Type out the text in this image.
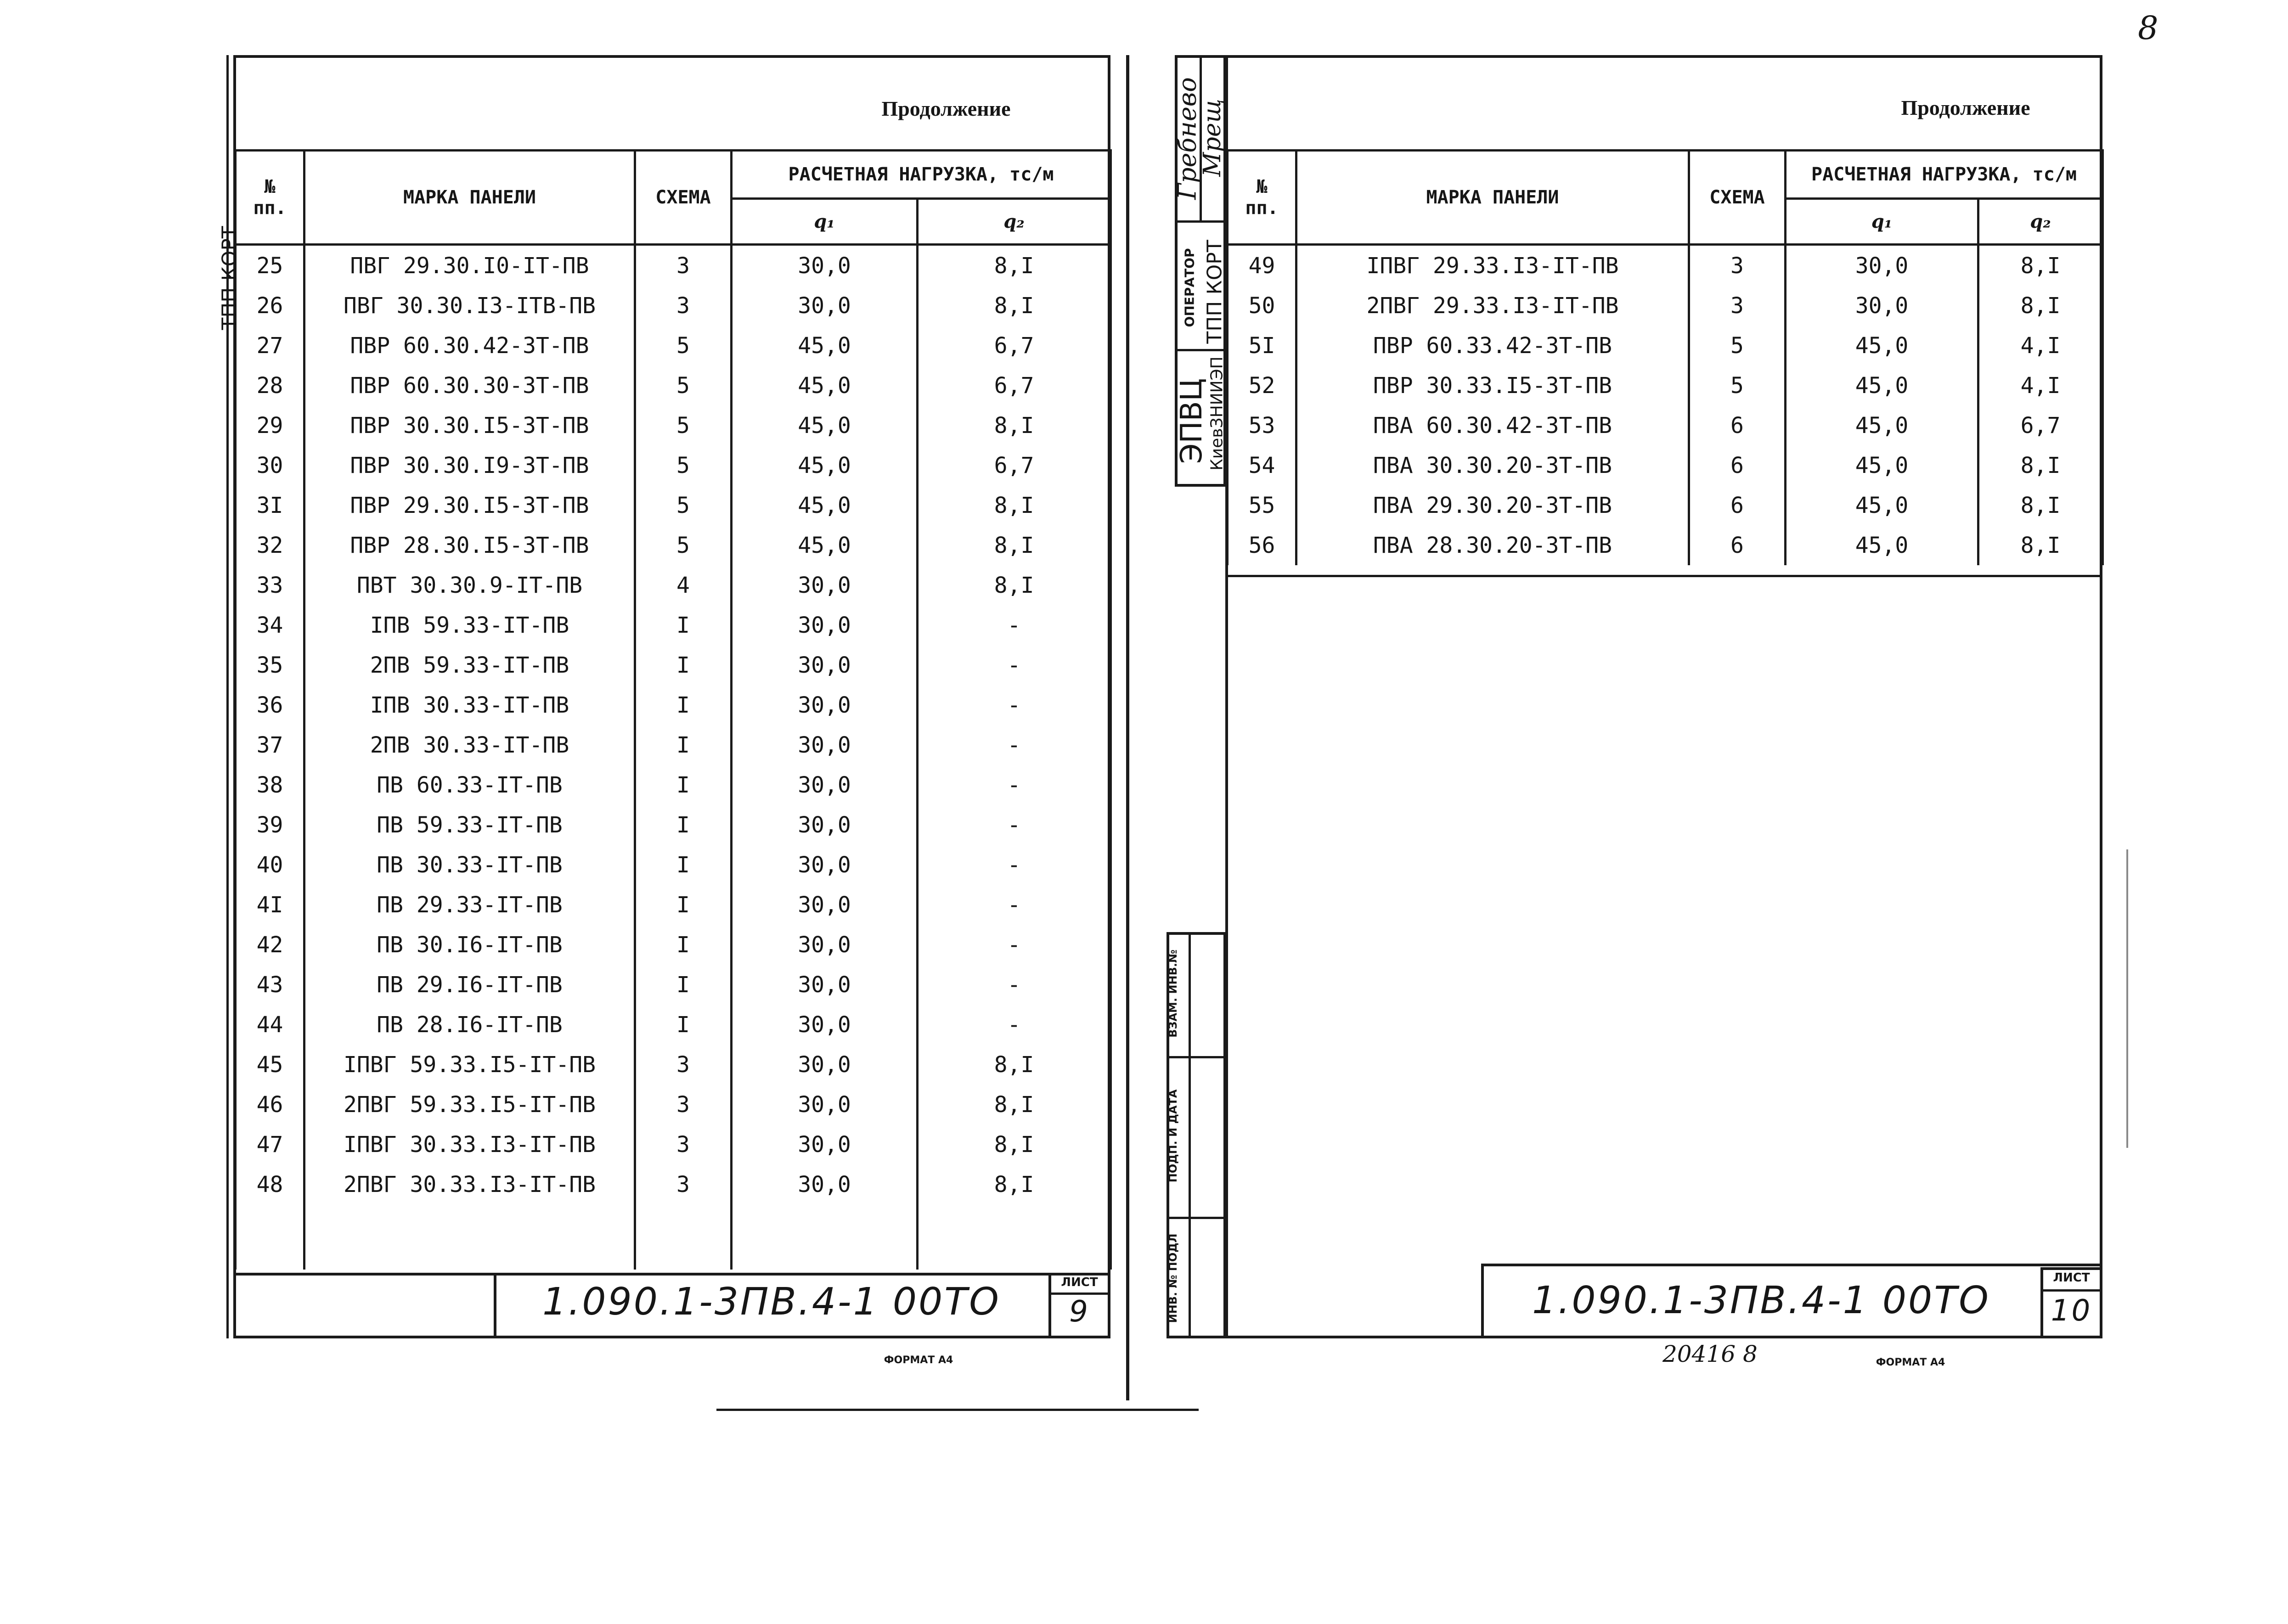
Продолжение
№
пп.	МАРКА ПАНЕЛИ	СХЕМА	РАСЧЕТНАЯ НАГРУЗКА, тс/м	
			q₁	q₂
25	ПВГ 29.30.I0-IТ-ПВ	3	30,0	8,I
26	ПВГ 30.30.I3-IТВ-ПВ	3	30,0	8,I
27	ПВР 60.30.42-3Т-ПВ	5	45,0	6,7
28	ПВР 60.30.30-3Т-ПВ	5	45,0	6,7
29	ПВР 30.30.I5-3Т-ПВ	5	45,0	8,I
30	ПВР 30.30.I9-3Т-ПВ	5	45,0	6,7
3I	ПВР 29.30.I5-3Т-ПВ	5	45,0	8,I
32	ПВР 28.30.I5-3Т-ПВ	5	45,0	8,I
33	ПВТ 30.30.9-IТ-ПВ	4	30,0	8,I
34	IПВ 59.33-IТ-ПВ	I	30,0	-
35	2ПВ 59.33-IТ-ПВ	I	30,0	-
36	IПВ 30.33-IТ-ПВ	I	30,0	-
37	2ПВ 30.33-IТ-ПВ	I	30,0	-
38	ПВ 60.33-IТ-ПВ	I	30,0	-
39	ПВ 59.33-IТ-ПВ	I	30,0	-
40	ПВ 30.33-IТ-ПВ	I	30,0	-
4I	ПВ 29.33-IТ-ПВ	I	30,0	-
42	ПВ 30.I6-IТ-ПВ	I	30,0	-
43	ПВ 29.I6-IТ-ПВ	I	30,0	-
44	ПВ 28.I6-IТ-ПВ	I	30,0	-
45	IПВГ 59.33.I5-IТ-ПВ	3	30,0	8,I
46	2ПВГ 59.33.I5-IТ-ПВ	3	30,0	8,I
47	IПВГ 30.33.I3-IТ-ПВ	3	30,0	8,I
48	2ПВГ 30.33.I3-IТ-ПВ	3	30,0	8,I

1.090.1-3ПВ.4-1 00ТО	ЛИСТ
9
ФОРМАТ А4
ТПП КОРТ
Гребнево
Mpeщ
ОПЕРАТОР ТПП КОРТ
ЭПВЦ
КиевЗНИИЭП
ИНВ. № ПОДЛ
ПОДП. И ДАТА
ВЗАМ. ИНВ.№
Продолжение
№
пп.	МАРКА ПАНЕЛИ	СХЕМА	РАСЧЕТНАЯ НАГРУЗКА, тс/м	
			q₁	q₂
49	IПВГ 29.33.I3-IТ-ПВ	3	30,0	8,I
50	2ПВГ 29.33.I3-IТ-ПВ	3	30,0	8,I
5I	ПВР 60.33.42-3Т-ПВ	5	45,0	4,I
52	ПВР 30.33.I5-3Т-ПВ	5	45,0	4,I
53	ПВА 60.30.42-3Т-ПВ	6	45,0	6,7
54	ПВА 30.30.20-3Т-ПВ	6	45,0	8,I
55	ПВА 29.30.20-3Т-ПВ	6	45,0	8,I
56	ПВА 28.30.20-3Т-ПВ	6	45,0	8,I
1.090.1-3ПВ.4-1 00ТО
ЛИСТ
10
20416 8	ФОРМАТ А4
8
